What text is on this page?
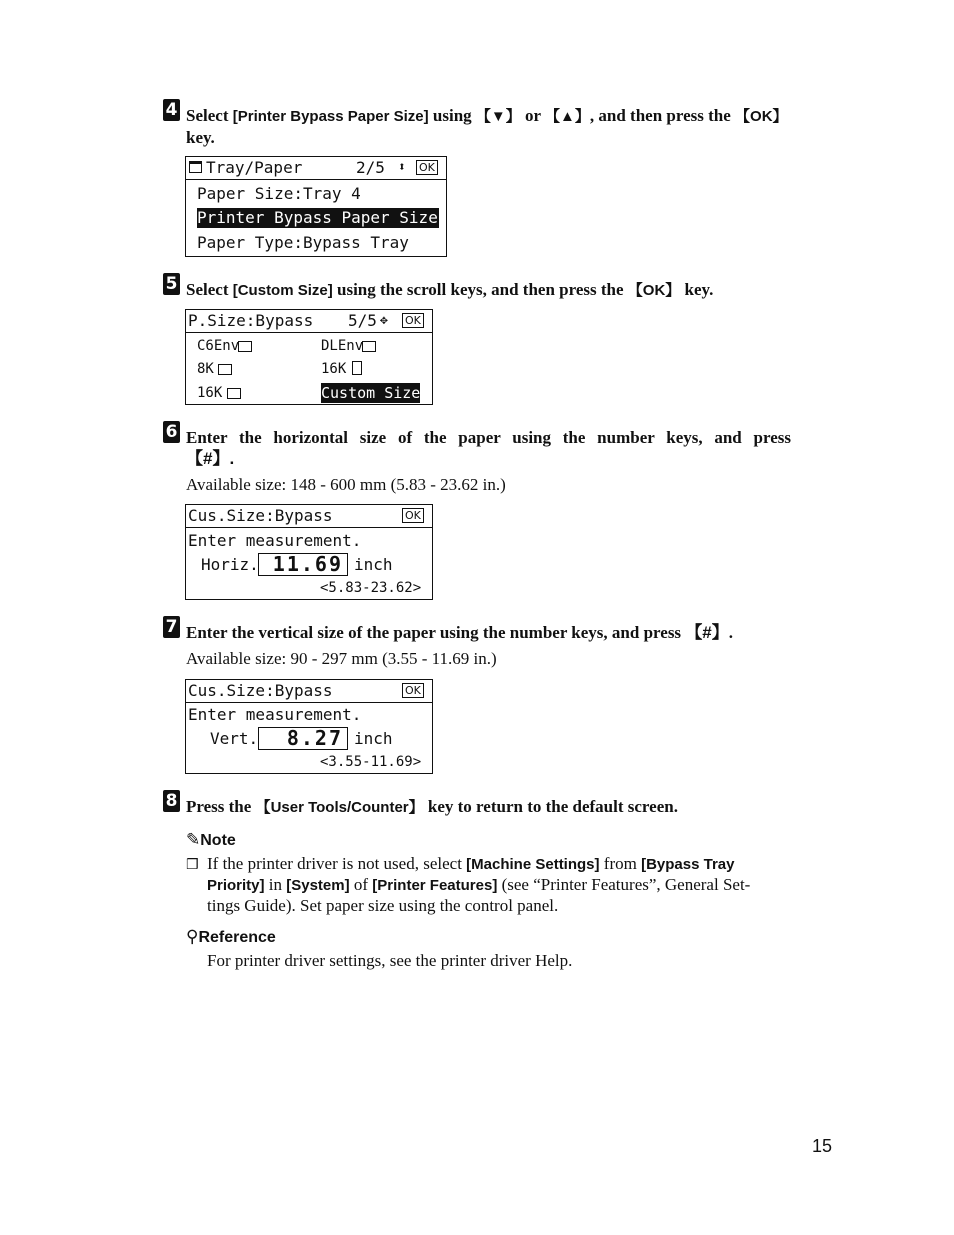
4 Select [Printer Bypass Paper Size] using 【▼】 or 【▲】, and then press the 【OK】
key.
Tray/Paper	2/5 ⬍ OK
Paper Size:Tray 4
Printer Bypass Paper Size
Paper Type:Bypass Tray
5 Select [Custom Size] using the scroll keys, and then press the 【OK】 key.
P.Size:Bypass 5/5 ✥ OK
C6Env	DLEnv
8K	16K
16K	Custom Size
6 Enter the horizontal size of the paper using the number keys, and press
【#】.
Available size: 148 - 600 mm (5.83 - 23.62 in.)
Cus.Size:Bypass	OK
Enter measurement.
Horiz. 11.69 inch
<5.83-23.62>
7 Enter the vertical size of the paper using the number keys, and press 【#】.
Available size: 90 - 297 mm (3.55 - 11.69 in.)
Cus.Size:Bypass	OK
Enter measurement.
Vert.	8.27 inch
<3.55-11.69>
8 Press the 【User Tools/Counter】 key to return to the default screen.
✎Note
❒ If the printer driver is not used, select [Machine Settings] from [Bypass Tray
Priority] in [System] of [Printer Features] (see “Printer Features”, General Set-
tings Guide). Set paper size using the control panel.
⚲Reference
For printer driver settings, see the printer driver Help.
15
